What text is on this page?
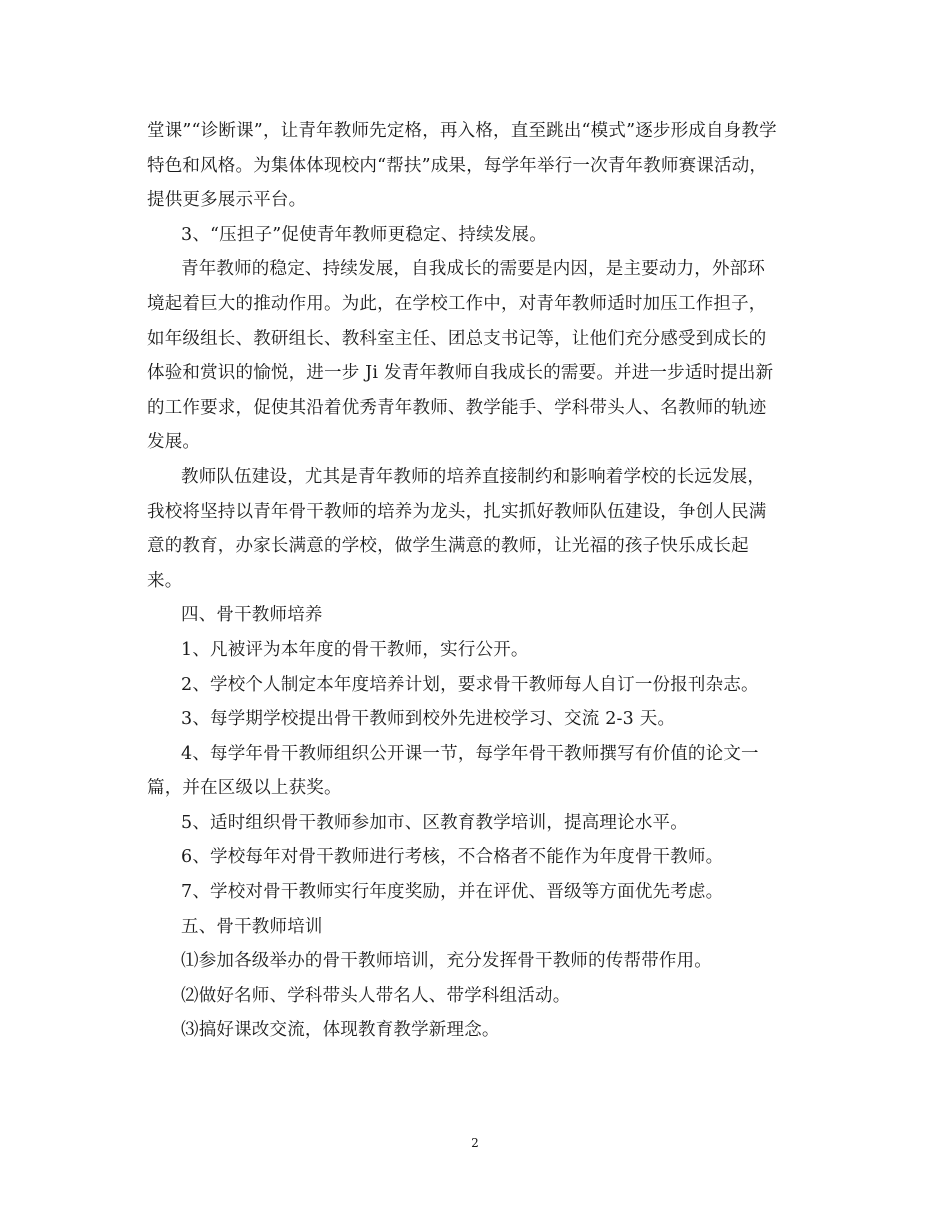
堂课”“诊断课”，让青年教师先定格，再入格，直至跳出“模式”逐步形成自身教学
特色和风格。为集体体现校内“帮扶”成果，每学年举行一次青年教师赛课活动，
提供更多展示平台。
3、“压担子”促使青年教师更稳定、持续发展。
青年教师的稳定、持续发展，自我成长的需要是内因，是主要动力，外部环
境起着巨大的推动作用。为此，在学校工作中，对青年教师适时加压工作担子，
如年级组长、教研组长、教科室主任、团总支书记等，让他们充分感受到成长的
体验和赏识的愉悦，进一步 Ji 发青年教师自我成长的需要。并进一步适时提出新
的工作要求，促使其沿着优秀青年教师、教学能手、学科带头人、名教师的轨迹
发展。
教师队伍建设，尤其是青年教师的培养直接制约和影响着学校的长远发展，
我校将坚持以青年骨干教师的培养为龙头，扎实抓好教师队伍建设，争创人民满
意的教育，办家长满意的学校，做学生满意的教师，让光福的孩子快乐成长起
来。
四、骨干教师培养
1、凡被评为本年度的骨干教师，实行公开。
2、学校个人制定本年度培养计划，要求骨干教师每人自订一份报刊杂志。
3、每学期学校提出骨干教师到校外先进校学习、交流 2-3 天。
4、每学年骨干教师组织公开课一节，每学年骨干教师撰写有价值的论文一
篇，并在区级以上获奖。
5、适时组织骨干教师参加市、区教育教学培训，提高理论水平。
6、学校每年对骨干教师进行考核，不合格者不能作为年度骨干教师。
7、学校对骨干教师实行年度奖励，并在评优、晋级等方面优先考虑。
五、骨干教师培训
⑴参加各级举办的骨干教师培训，充分发挥骨干教师的传帮带作用。
⑵做好名师、学科带头人带名人、带学科组活动。
⑶搞好课改交流，体现教育教学新理念。
2
